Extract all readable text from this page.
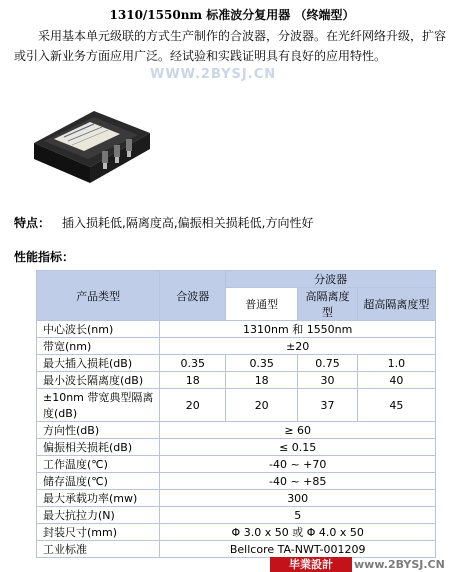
1310/1550nm 标准波分复用器 （终端型）
采用基本单元级联的方式生产制作的合波器，分波器。在光纤网络升级，扩容或引入新业务方面应用广泛。经试验和实践证明具有良好的应用特性。
WWW.2BYSJ.CN
特点： 插入损耗低,隔离度高,偏振相关损耗低,方向性好
性能指标：
产品类型	合波器	分波器		
		普通型	高隔离度型	超高隔离度型
中心波长(nm)	1310nm 和 1550nm			
带宽(nm)	±20			
最大插入损耗(dB)	0.35	0.35	0.75	1.0
最小波长隔离度(dB)	18	18	30	40
±10nm 带宽典型隔离度(dB)	20	20	37	45
方向性(dB)	≥ 60			
偏振相关损耗(dB)	≤ 0.15			
工作温度(℃)	-40 ~ +70			
储存温度(℃)	-40 ~ +85			
最大承载功率(mw)	300			
最大抗拉力(N)	5			
封装尺寸(mm)	Φ 3.0 x 50 或 Φ 4.0 x 50			
工业标准	Bellcore TA-NWT-001209			
毕業設計	www.2BYSJ.CN
